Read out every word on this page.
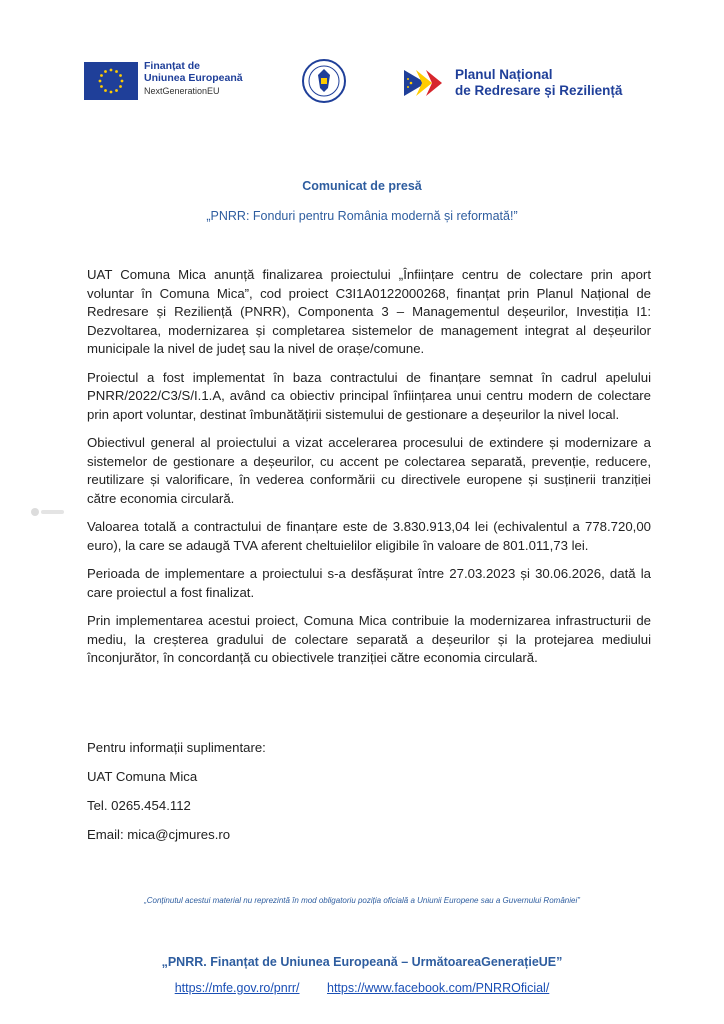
Finanțat de
Uniunea Europeană
NextGenerationEU
Planul Național
de Redresare și Reziliență
Comunicat de presă
„PNRR: Fonduri pentru România modernă și reformată!”

UAT Comuna Mica anunță finalizarea proiectului „Înființare centru de colectare prin aport voluntar în Comuna Mica”, cod proiect C3I1A0122000268, finanțat prin Planul Național de Redresare și Reziliență (PNRR), Componenta 3 – Managementul deșeurilor, Investiția I1: Dezvoltarea, modernizarea și completarea sistemelor de management integrat al deșeurilor municipale la nivel de județ sau la nivel de orașe/comune.

Proiectul a fost implementat în baza contractului de finanțare semnat în cadrul apelului PNRR/2022/C3/S/I.1.A, având ca obiectiv principal înființarea unui centru modern de colectare prin aport voluntar, destinat îmbunătățirii sistemului de gestionare a deșeurilor la nivel local.

Obiectivul general al proiectului a vizat accelerarea procesului de extindere și modernizare a sistemelor de gestionare a deșeurilor, cu accent pe colectarea separată, prevenție, reducere, reutilizare și valorificare, în vederea conformării cu directivele europene și susținerii tranziției către economia circulară.

Valoarea totală a contractului de finanțare este de 3.830.913,04 lei (echivalentul a 778.720,00 euro), la care se adaugă TVA aferent cheltuielilor eligibile în valoare de 801.011,73 lei.

Perioada de implementare a proiectului s-a desfășurat între 27.03.2023 și 30.06.2026, dată la care proiectul a fost finalizat.

Prin implementarea acestui proiect, Comuna Mica contribuie la modernizarea infrastructurii de mediu, la creșterea gradului de colectare separată a deșeurilor și la protejarea mediului înconjurător, în concordanță cu obiectivele tranziției către economia circulară.

Pentru informații suplimentare:

UAT Comuna Mica

Tel. 0265.454.112

Email: mica@cjmures.ro

„Conținutul acestui material nu reprezintă în mod obligatoriu poziția oficială a Uniunii Europene sau a Guvernului României”
„PNRR. Finanțat de Uniunea Europeană – UrmătoareaGenerațieUE”
https://mfe.gov.ro/pnrr/ https://www.facebook.com/PNRROficial/
